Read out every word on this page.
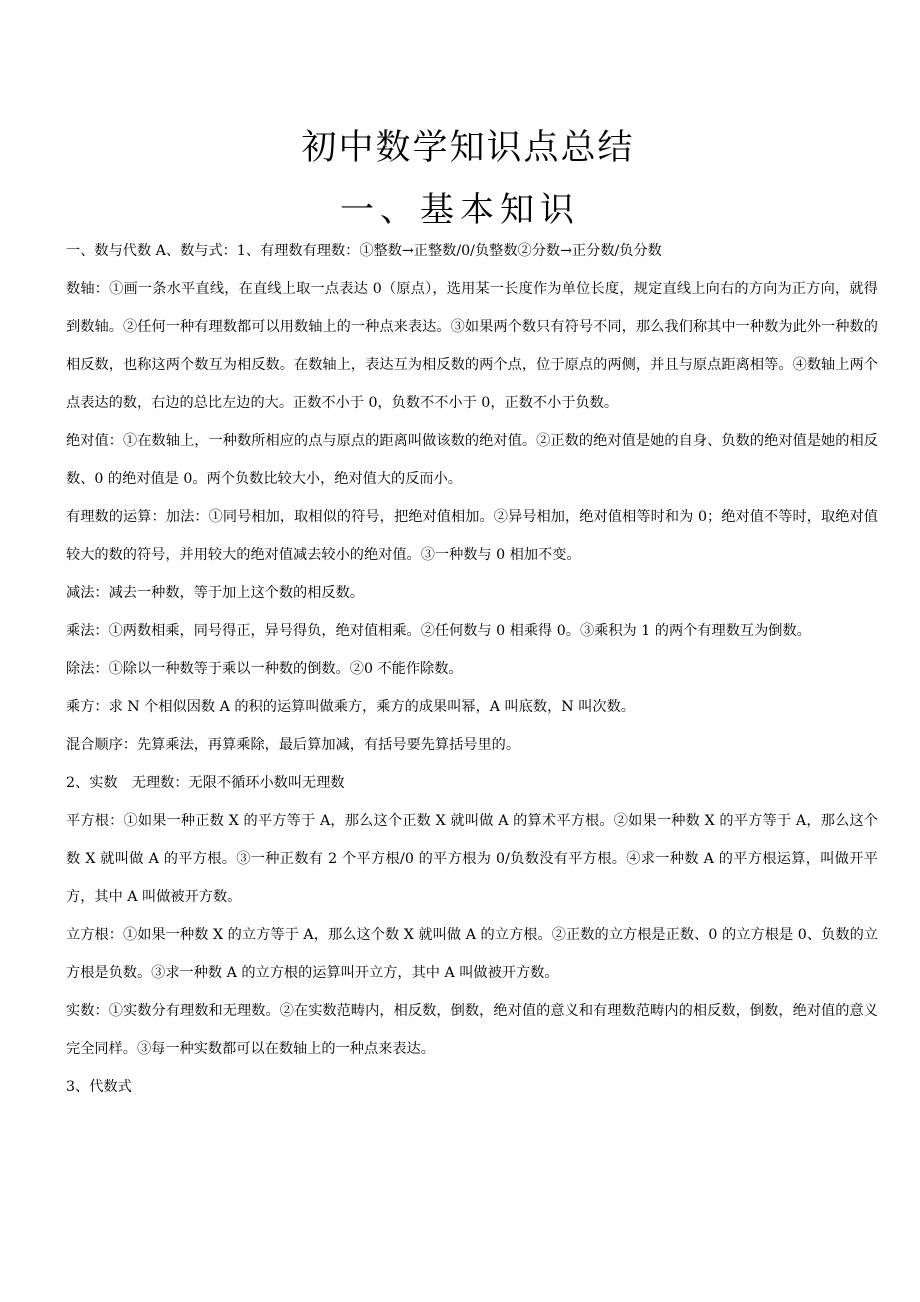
初中数学知识点总结
一、基本知识

一、数与代数 A、数与式：1、有理数有理数：①整数→正整数/0/负整数②分数→正分数/负分数

数轴：①画一条水平直线，在直线上取一点表达 0（原点），选用某一长度作为单位长度，规定直线上向右的方向为正方向，就得到数轴。②任何一种有理数都可以用数轴上的一种点来表达。③如果两个数只有符号不同，那么我们称其中一种数为此外一种数的相反数，也称这两个数互为相反数。在数轴上，表达互为相反数的两个点，位于原点的两侧，并且与原点距离相等。④数轴上两个点表达的数，右边的总比左边的大。正数不小于 0，负数不不小于 0，正数不小于负数。

绝对值：①在数轴上，一种数所相应的点与原点的距离叫做该数的绝对值。②正数的绝对值是她的自身、负数的绝对值是她的相反数、0 的绝对值是 0。两个负数比较大小，绝对值大的反而小。

有理数的运算：加法：①同号相加，取相似的符号，把绝对值相加。②异号相加，绝对值相等时和为 0；绝对值不等时，取绝对值较大的数的符号，并用较大的绝对值减去较小的绝对值。③一种数与 0 相加不变。

减法：减去一种数，等于加上这个数的相反数。

乘法：①两数相乘，同号得正，异号得负，绝对值相乘。②任何数与 0 相乘得 0。③乘积为 1 的两个有理数互为倒数。

除法：①除以一种数等于乘以一种数的倒数。②0 不能作除数。

乘方：求 N 个相似因数 A 的积的运算叫做乘方，乘方的成果叫幂，A 叫底数，N 叫次数。

混合顺序：先算乘法，再算乘除，最后算加减，有括号要先算括号里的。

2、实数　无理数：无限不循环小数叫无理数

平方根：①如果一种正数 X 的平方等于 A，那么这个正数 X 就叫做 A 的算术平方根。②如果一种数 X 的平方等于 A，那么这个数 X 就叫做 A 的平方根。③一种正数有 2 个平方根/0 的平方根为 0/负数没有平方根。④求一种数 A 的平方根运算，叫做开平方，其中 A 叫做被开方数。

立方根：①如果一种数 X 的立方等于 A，那么这个数 X 就叫做 A 的立方根。②正数的立方根是正数、0 的立方根是 0、负数的立方根是负数。③求一种数 A 的立方根的运算叫开立方，其中 A 叫做被开方数。

实数：①实数分有理数和无理数。②在实数范畴内，相反数，倒数，绝对值的意义和有理数范畴内的相反数，倒数，绝对值的意义完全同样。③每一种实数都可以在数轴上的一种点来表达。

3、代数式
